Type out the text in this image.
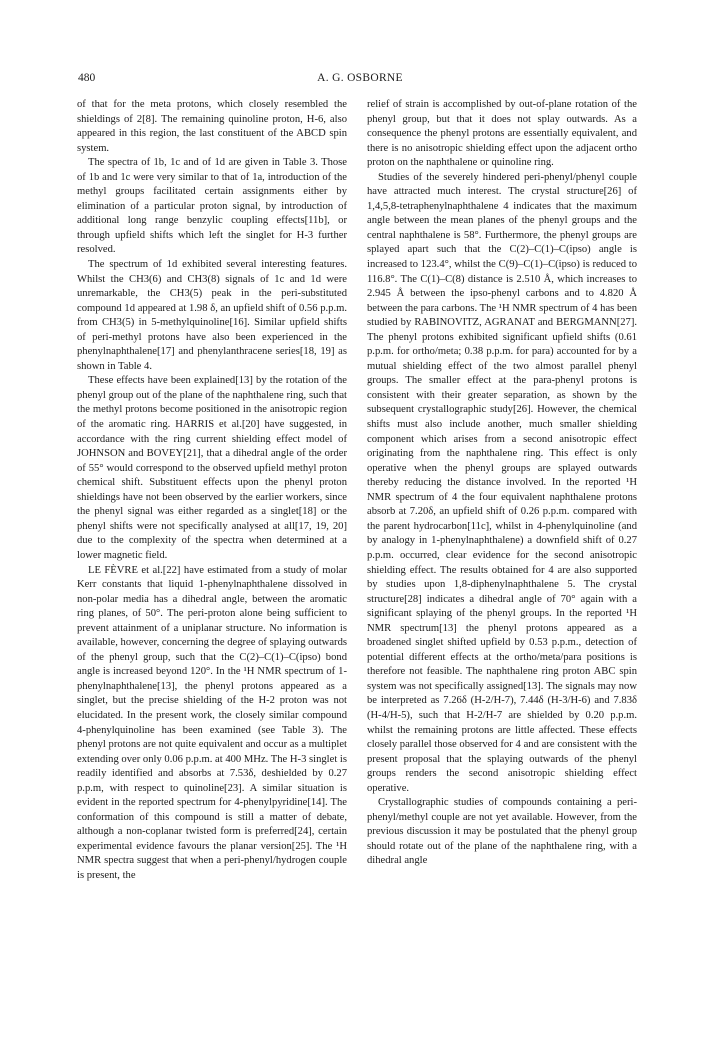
480	A. G. OSBORNE

of that for the meta protons, which closely resembled the shieldings of 2[8]. The remaining quinoline proton, H-6, also appeared in this region, the last constituent of the ABCD spin system.

The spectra of 1b, 1c and of 1d are given in Table 3. Those of 1b and 1c were very similar to that of 1a, introduction of the methyl groups facilitated certain assignments either by elimination of a particular proton signal, by introduction of additional long range benzylic coupling effects[11b], or through upfield shifts which left the singlet for H-3 further resolved.

The spectrum of 1d exhibited several interesting features. Whilst the CH3(6) and CH3(8) signals of 1c and 1d were unremarkable, the CH3(5) peak in the peri-substituted compound 1d appeared at 1.98 δ, an upfield shift of 0.56 p.p.m. from CH3(5) in 5-methylquinoline[16]. Similar upfield shifts of peri-methyl protons have also been experienced in the phenylnaphthalene[17] and phenylanthracene series[18, 19] as shown in Table 4.

These effects have been explained[13] by the rotation of the phenyl group out of the plane of the naphthalene ring, such that the methyl protons become positioned in the anisotropic region of the aromatic ring. HARRIS et al.[20] have suggested, in accordance with the ring current shielding effect model of JOHNSON and BOVEY[21], that a dihedral angle of the order of 55° would correspond to the observed upfield methyl proton chemical shift. Substituent effects upon the phenyl proton shieldings have not been observed by the earlier workers, since the phenyl signal was either regarded as a singlet[18] or the phenyl shifts were not specifically analysed at all[17, 19, 20] due to the complexity of the spectra when determined at a lower magnetic field.

LE FÈVRE et al.[22] have estimated from a study of molar Kerr constants that liquid 1-phenylnaphthalene dissolved in non-polar media has a dihedral angle, between the aromatic ring planes, of 50°. The peri-proton alone being sufficient to prevent attainment of a uniplanar structure. No information is available, however, concerning the degree of splaying outwards of the phenyl group, such that the C(2)–C(1)–C(ipso) bond angle is increased beyond 120°. In the ¹H NMR spectrum of 1-phenylnaphthalene[13], the phenyl protons appeared as a singlet, but the precise shielding of the H-2 proton was not elucidated. In the present work, the closely similar compound 4-phenylquinoline has been examined (see Table 3). The phenyl protons are not quite equivalent and occur as a multiplet extending over only 0.06 p.p.m. at 400 MHz. The H-3 singlet is readily identified and absorbs at 7.53δ, deshielded by 0.27 p.p.m, with respect to quinoline[23]. A similar situation is evident in the reported spectrum for 4-phenylpyridine[14]. The conformation of this compound is still a matter of debate, although a non-coplanar twisted form is preferred[24], certain experimental evidence favours the planar version[25]. The ¹H NMR spectra suggest that when a peri-phenyl/hydrogen couple is present, the

relief of strain is accomplished by out-of-plane rotation of the phenyl group, but that it does not splay outwards. As a consequence the phenyl protons are essentially equivalent, and there is no anisotropic shielding effect upon the adjacent ortho proton on the naphthalene or quinoline ring.

Studies of the severely hindered peri-phenyl/phenyl couple have attracted much interest. The crystal structure[26] of 1,4,5,8-tetraphenylnaphthalene 4 indicates that the maximum angle between the mean planes of the phenyl groups and the central naphthalene is 58°. Furthermore, the phenyl groups are splayed apart such that the C(2)–C(1)–C(ipso) angle is increased to 123.4°, whilst the C(9)–C(1)–C(ipso) is reduced to 116.8°. The C(1)–C(8) distance is 2.510 Å, which increases to 2.945 Å between the ipso-phenyl carbons and to 4.820 Å between the para carbons. The ¹H NMR spectrum of 4 has been studied by RABINOVITZ, AGRANAT and BERGMANN[27]. The phenyl protons exhibited significant upfield shifts (0.61 p.p.m. for ortho/meta; 0.38 p.p.m. for para) accounted for by a mutual shielding effect of the two almost parallel phenyl groups. The smaller effect at the para-phenyl protons is consistent with their greater separation, as shown by the subsequent crystallographic study[26]. However, the chemical shifts must also include another, much smaller shielding component which arises from a second anisotropic effect originating from the naphthalene ring. This effect is only operative when the phenyl groups are splayed outwards thereby reducing the distance involved. In the reported ¹H NMR spectrum of 4 the four equivalent naphthalene protons absorb at 7.20δ, an upfield shift of 0.26 p.p.m. compared with the parent hydrocarbon[11c], whilst in 4-phenylquinoline (and by analogy in 1-phenylnaphthalene) a downfield shift of 0.27 p.p.m. occurred, clear evidence for the second anisotropic shielding effect. The results obtained for 4 are also supported by studies upon 1,8-diphenylnaphthalene 5. The crystal structure[28] indicates a dihedral angle of 70° again with a significant splaying of the phenyl groups. In the reported ¹H NMR spectrum[13] the phenyl protons appeared as a broadened singlet shifted upfield by 0.53 p.p.m., detection of potential different effects at the ortho/meta/para positions is therefore not feasible. The naphthalene ring proton ABC spin system was not specifically assigned[13]. The signals may now be interpreted as 7.26δ (H-2/H-7), 7.44δ (H-3/H-6) and 7.83δ (H-4/H-5), such that H-2/H-7 are shielded by 0.20 p.p.m. whilst the remaining protons are little affected. These effects closely parallel those observed for 4 and are consistent with the present proposal that the splaying outwards of the phenyl groups renders the second anisotropic shielding effect operative.

Crystallographic studies of compounds containing a peri-phenyl/methyl couple are not yet available. However, from the previous discussion it may be postulated that the phenyl group should rotate out of the plane of the naphthalene ring, with a dihedral angle
